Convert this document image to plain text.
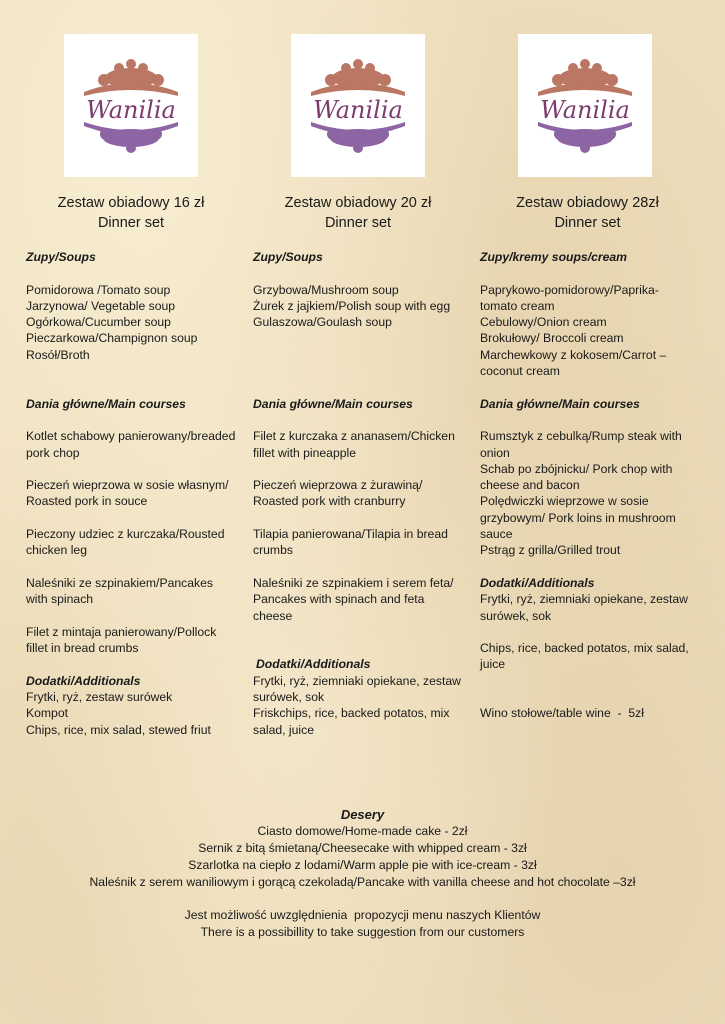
Wanilia	Wanilia	Wanilia
Zestaw obiadowy 16 zł
Dinner set
Zupy/Soups
Pomidorowa /Tomato soup
Jarzynowa/ Vegetable soup
Ogórkowa/Cucumber soup
Pieczarkowa/Champignon soup
Rosół/Broth
Dania główne/Main courses
Kotlet schabowy panierowany/breaded pork chop
Pieczeń wieprzowa w sosie własnym/ Roasted pork in souce
Pieczony udziec z kurczaka/Rousted chicken leg
Naleśniki ze szpinakiem/Pancakes with spinach
Filet z mintaja panierowany/Pollock fillet in bread crumbs
Dodatki/Additionals
Frytki, ryż, zestaw surówek
Kompot
Chips, rice, mix salad, stewed friut
Zestaw obiadowy 20 zł
Dinner set
Zupy/Soups
Grzybowa/Mushroom soup
Żurek z jajkiem/Polish soup with egg
Gulaszowa/Goulash soup
Dania główne/Main courses
Filet z kurczaka z ananasem/Chicken fillet with pineapple
Pieczeń wieprzowa z żurawiną/ Roasted pork with cranburry
Tilapia panierowana/Tilapia in bread crumbs
Naleśniki ze szpinakiem i serem feta/ Pancakes with spinach and feta cheese
Dodatki/Additionals
Frytki, ryż, ziemniaki opiekane, zestaw surówek, sok
Friskchips, rice, backed potatos, mix salad, juice
Zestaw obiadowy 28zł
Dinner set
Zupy/kremy soups/cream
Paprykowo-pomidorowy/Paprika-tomato cream
Cebulowy/Onion cream
Brokułowy/ Broccoli cream
Marchewkowy z kokosem/Carrot – coconut cream
Dania główne/Main courses
Rumsztyk z cebulką/Rump steak with onion
Schab po zbójnicku/ Pork chop with cheese and bacon
Polędwiczki wieprzowe w sosie grzybowym/ Pork loins in mushroom sauce
Pstrąg z grilla/Grilled trout
Dodatki/Additionals
Frytki, ryż, ziemniaki opiekane, zestaw surówek, sok
Chips, rice, backed potatos, mix salad, juice
Wino stołowe/table wine  -  5zł
Desery
Ciasto domowe/Home-made cake - 2zł
Sernik z bitą śmietaną/Cheesecake with whipped cream - 3zł
Szarlotka na ciepło z lodami/Warm apple pie with ice-cream - 3zł
Naleśnik z serem waniliowym i gorącą czekoladą/Pancake with vanilla cheese and hot chocolate –3zł
Jest możliwość uwzględnienia  propozycji menu naszych Klientów
There is a possibillity to take suggestion from our customers
